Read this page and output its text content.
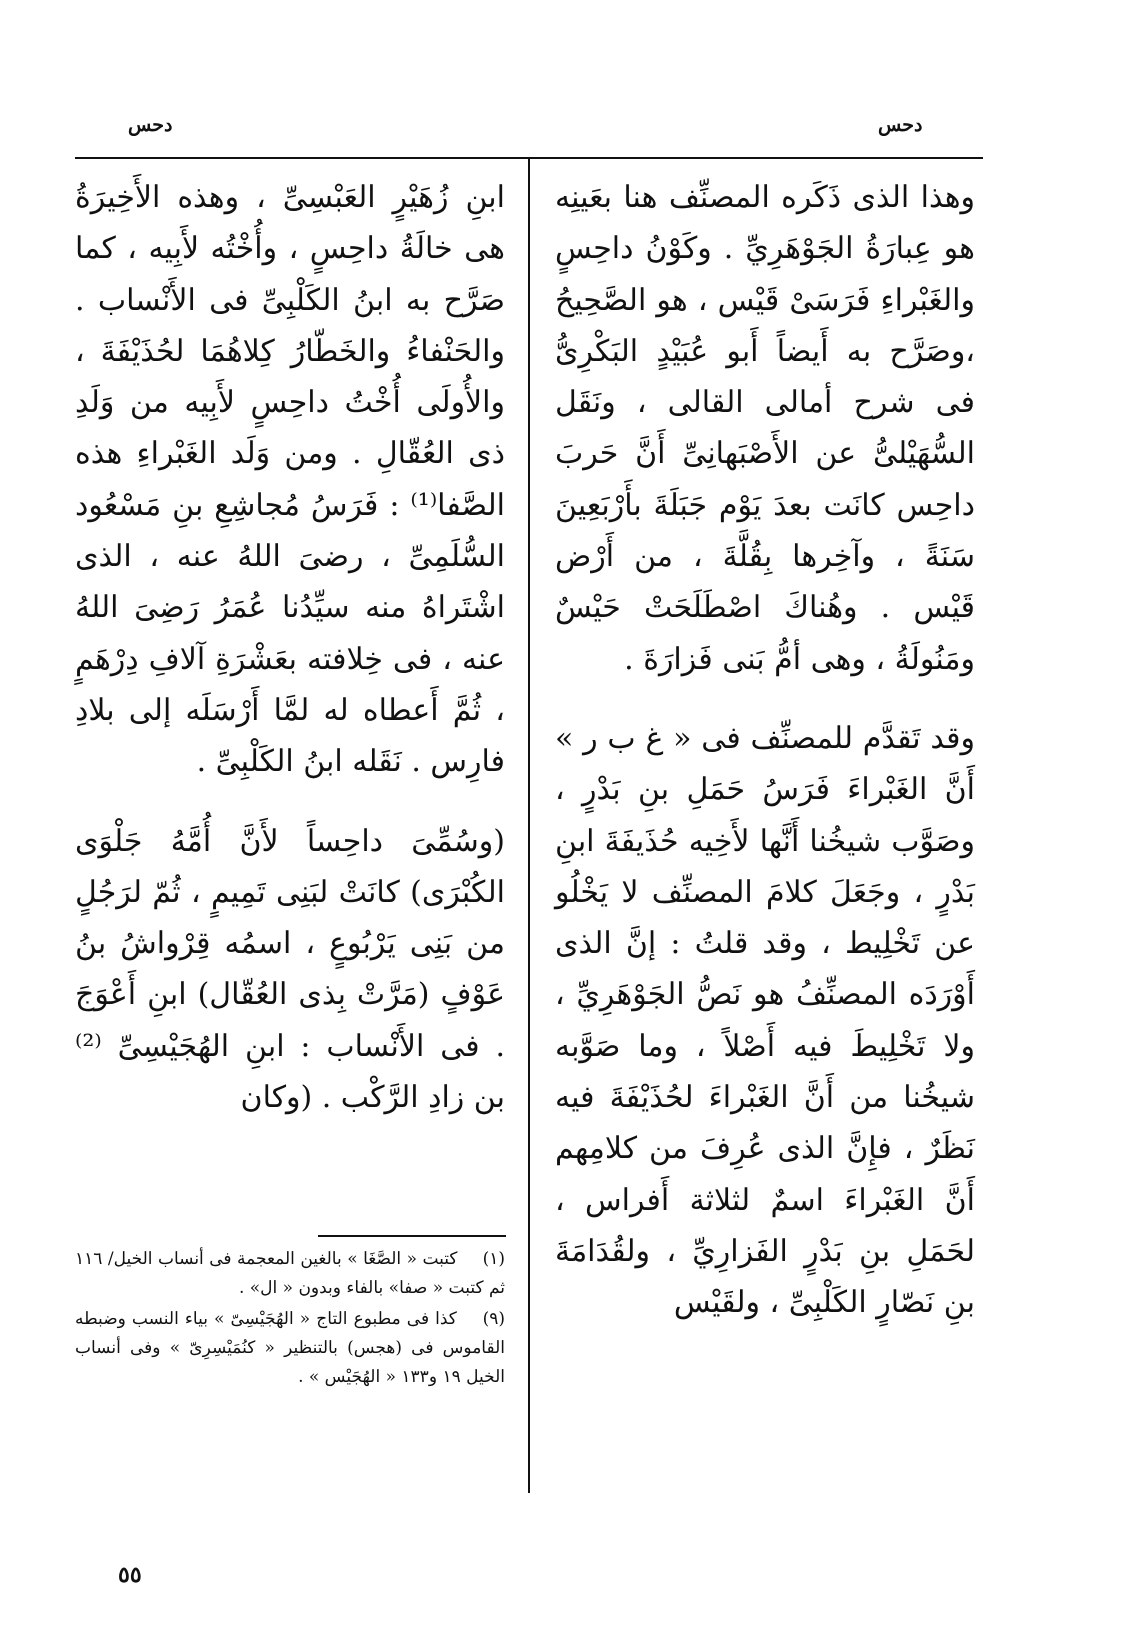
دحس
دحس

وهذا الذى ذَكَره المصنِّف هنا بعَينِه هو عِبارَةُ الجَوْهَرِيِّ . وكَوْنُ داحِسٍ والغَبْراءِ فَرَسَىْ قَيْس ، هو الصَّحِيحُ ،وصَرَّح به أَيضاً أَبو عُبَيْدٍ البَكْرِىُّ فى شرح أمالى القالى ، ونَقَل السُّهَيْلىُّ عن الأَصْبَهانِىِّ أَنَّ حَربَ داحِس كانَت بعدَ يَوْم جَبَلَةَ بأَرْبَعِينَ سَنَةً ، وآخِرها بِقُلَّةَ ، من أَرْض قَيْس . وهُناكَ اصْطَلَحَتْ حَيْسٌ ومَنُولَةُ ، وهى أمُّ بَنى فَزارَةَ .

وقد تَقدَّم للمصنِّف فى « غ ب ر » أَنَّ الغَبْراءَ فَرَسُ حَمَلِ بنِ بَدْرٍ ، وصَوَّب شيخُنا أَنَّها لأَخِيه حُذَيفَةَ ابنِ بَدْرٍ ، وجَعَلَ كلامَ المصنِّف لا يَخْلُو عن تَخْلِيط ، وقد قلتُ : إنَّ الذى أَوْرَدَه المصنِّفُ هو نَصُّ الجَوْهَرِيِّ ، ولا تَخْلِيطَ فيه أَصْلاً ، وما صَوَّبه شيخُنا من أَنَّ الغَبْراءَ لحُذَيْفَةَ فيه نَظَرٌ ، فإِنَّ الذى عُرِفَ من كلامِهم أَنَّ الغَبْراءَ اسمٌ لثلاثة أَفراس ، لحَمَلِ بنِ بَدْرٍ الفَزارِيِّ ، ولقُدَامَةَ بنِ نَصّارٍ الكَلْبِىِّ ، ولقَيْس

ابنِ زُهَيْرٍ العَبْسِىِّ ، وهذه الأَخِيرَةُ هى خالَةُ داحِسٍ ، وأُخْتُه لأَبِيه ، كما صَرَّح به ابنُ الكَلْبِىِّ فى الأَنْساب . والحَنْفاءُ والخَطّارُ كِلاهُمَا لحُذَيْفَةَ ، والأُولَى أُخْتُ داحِسٍ لأَبِيه من وَلَدِ ذى العُقّالِ . ومن وَلَد الغَبْراءِ هذه الصَّفا⁽¹⁾ : فَرَسُ مُجاشِعِ بنِ مَسْعُود السُّلَمِىِّ ، رضىَ اللهُ عنه ، الذى اشْتَراهُ منه سيِّدُنا عُمَرُ رَضِىَ اللهُ عنه ، فى خِلافته بعَشْرَةِ آلافِ دِرْهَمٍ ، ثُمَّ أَعطاه له لمَّا أَرْسَلَه إلى بلادِ فارِس . نَقَله ابنُ الكَلْبِىِّ .

(وسُمِّىَ داحِساً لأَنَّ أُمَّهُ جَلْوَى الكُبْرَى) كانَتْ لبَنِى تَمِيمٍ ، ثُمّ لرَجُلٍ من بَنِى يَرْبُوعٍ ، اسمُه قِرْواشُ بنُ عَوْفٍ (مَرَّتْ بِذى العُقّال) ابنِ أَعْوَجَ . فى الأَنْساب : ابنِ الهُجَيْسِىِّ ⁽²⁾ بن زادِ الرَّكْب . (وكان

(١) كتبت « الصَّغَا » بالغين المعجمة فى أنساب الخيل/ ١١٦ ثم كتبت « صفا» بالفاء وبدون « ال» .

(٩) كذا فى مطبوع التاج « الهُجَيْسِىّ » بياء النسب وضبطه القاموس فى (هجس) بالتنظير « كنُمَيْسِرِىّ » وفى أنساب الخيل ١٩ و١٣٣ « الهُجَيْس » .

٥٥
